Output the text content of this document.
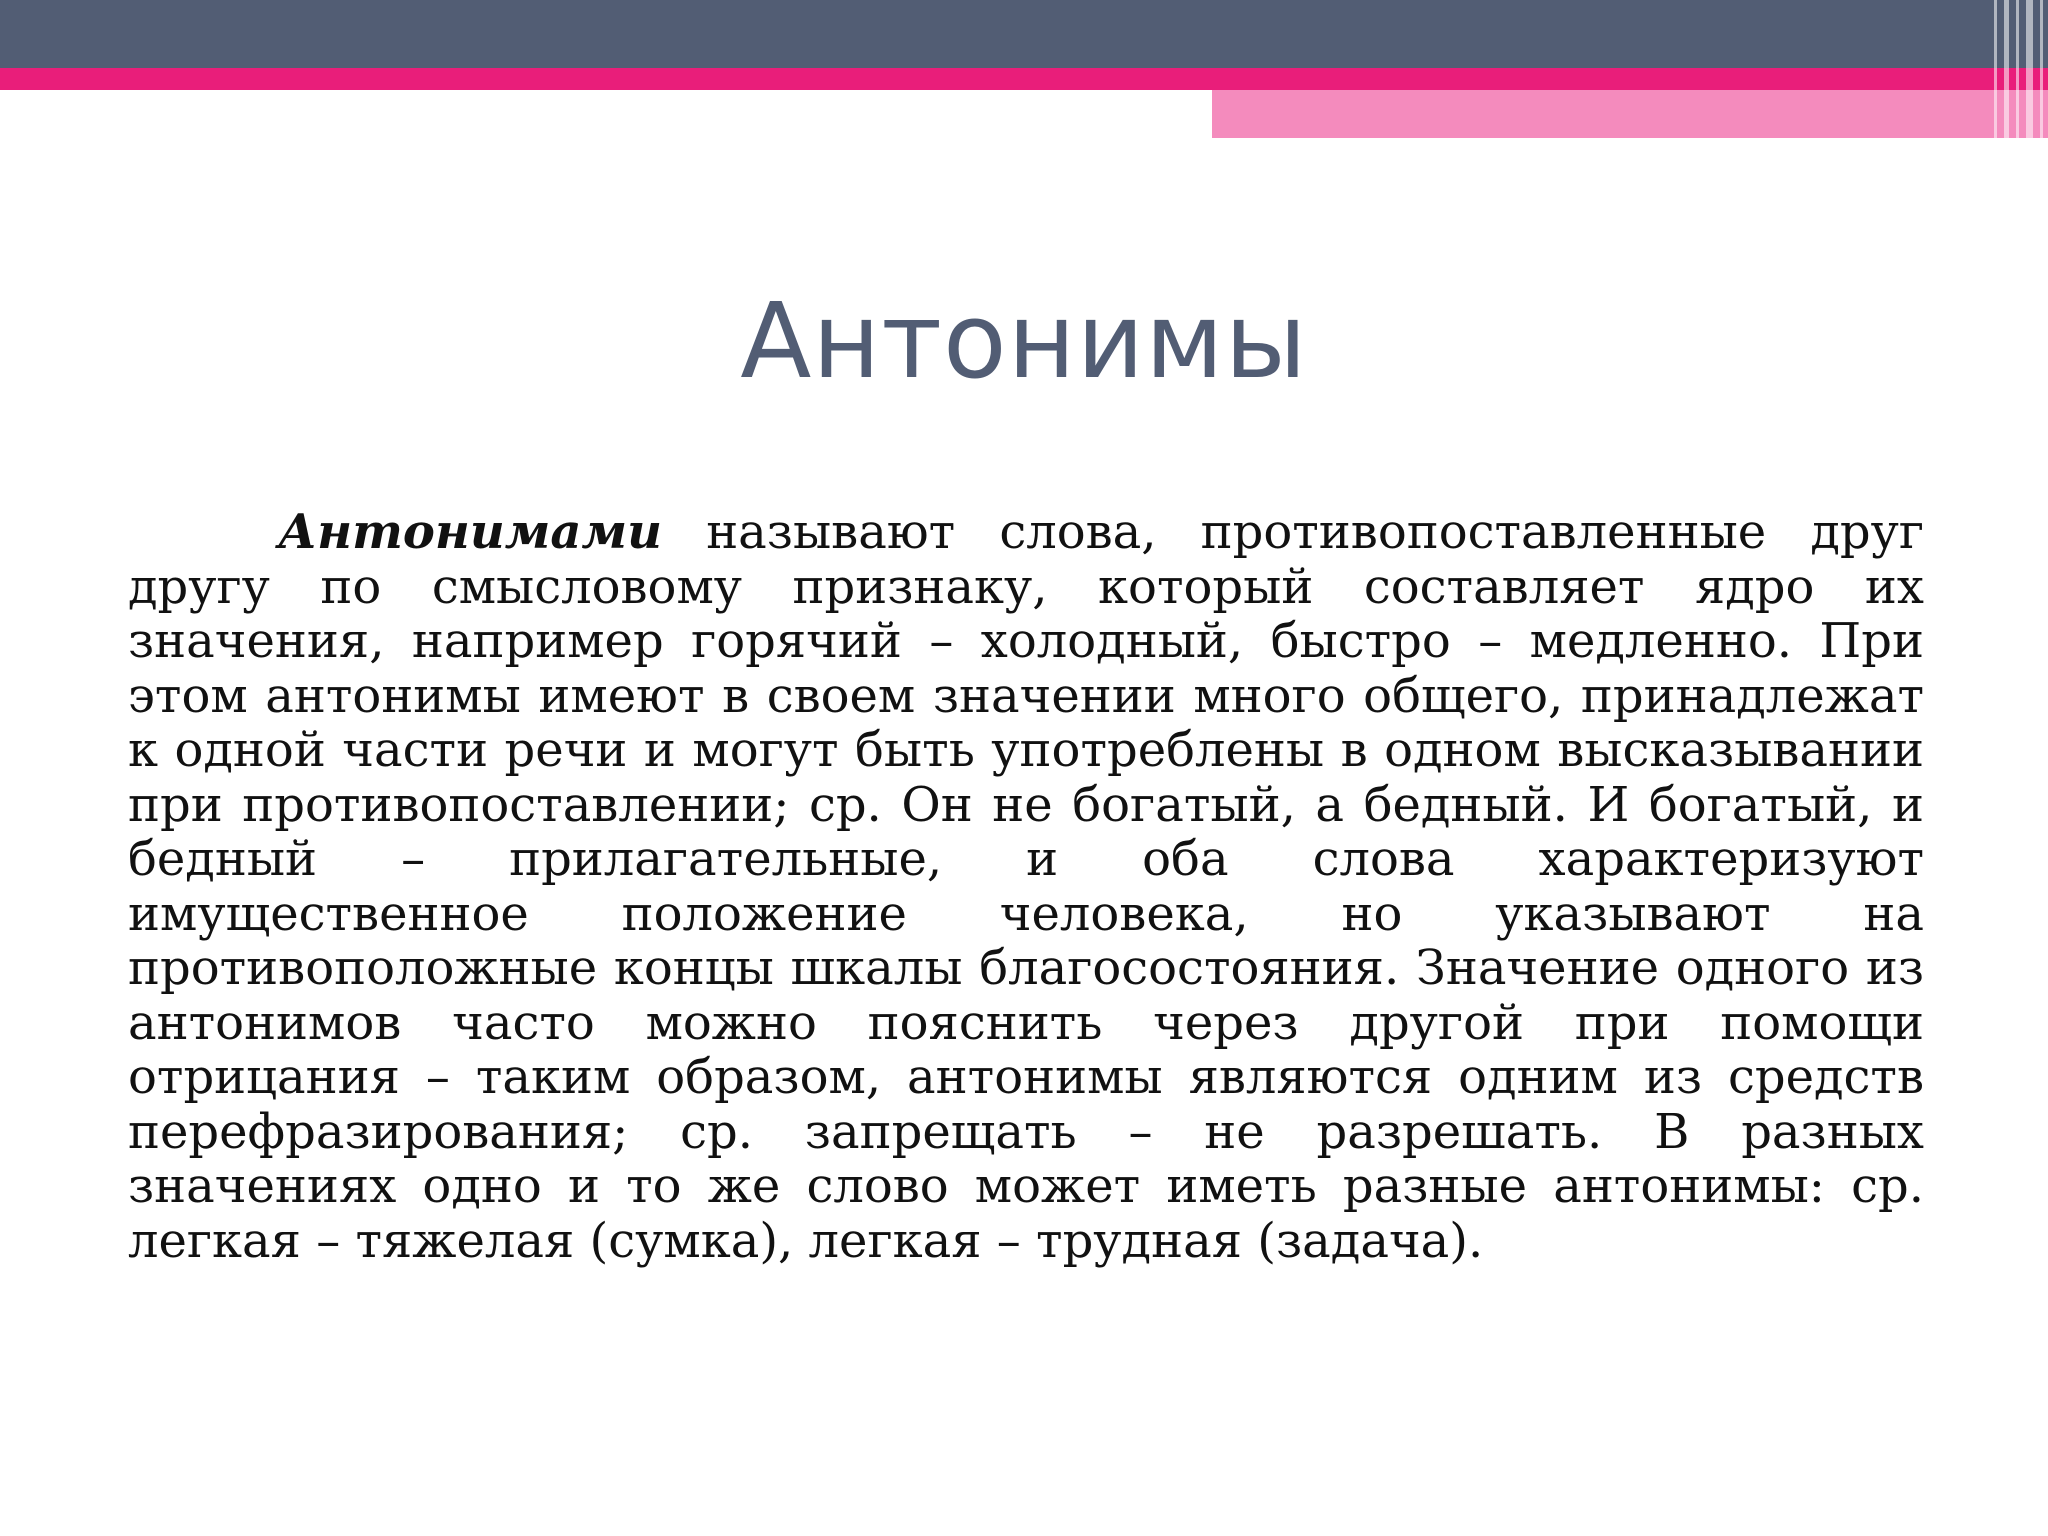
Антонимы

Антонимами называют слова, противопоставленные друг другу по смысловому признаку, который составляет ядро их значения, например горячий – холодный, быстро – медленно. При этом антонимы имеют в своем значении много общего, принадлежат к одной части речи и могут быть употреблены в одном высказывании при противопоставлении; ср. Он не богатый, а бедный. И богатый, и бедный – прилагательные, и оба слова характеризуют имущественное положение человека, но указывают на противоположные концы шкалы благосостояния. Значение одного из антонимов часто можно пояснить через другой при помощи отрицания – таким образом, антонимы являются одним из средств перефразирования; ср. запрещать – не разрешать. В разных значениях одно и то же слово может иметь разные антонимы: ср. легкая – тяжелая (сумка), легкая – трудная (задача).
